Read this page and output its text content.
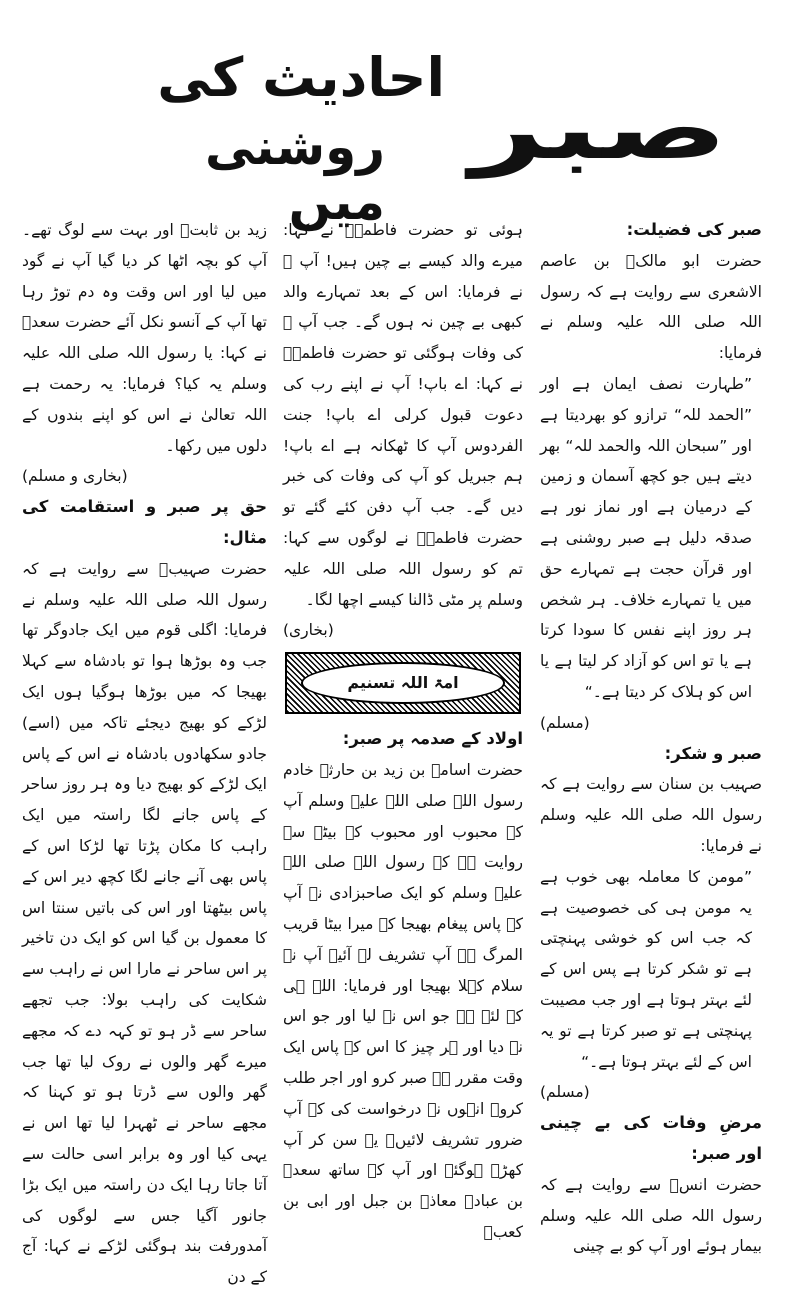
صبر
احادیث کی
روشنی میں	صبر کی فضیلت:

حضرت ابو مالکؓ بن عاصم الاشعری سے روایت ہے کہ رسول اللہ صلی اللہ علیہ وسلم نے فرمایا:

”طہارت نصف ایمان ہے اور ”الحمد للہ“ ترازو کو بھردیتا ہے اور ”سبحان اللہ والحمد للہ“ بھر دیتے ہیں جو کچھ آسمان و زمین کے درمیان ہے اور نماز نور ہے صدقہ دلیل ہے صبر روشنی ہے اور قرآن حجت ہے تمہارے حق میں یا تمہارے خلاف۔ ہر شخص ہر روز اپنے نفس کا سودا کرتا ہے یا تو اس کو آزاد کر لیتا ہے یا اس کو ہلاک کر دیتا ہے۔“

(مسلم)

صبر و شکر:

صہیب بن سنان سے روایت ہے کہ رسول اللہ صلی اللہ علیہ وسلم نے فرمایا:

”مومن کا معاملہ بھی خوب ہے یہ مومن ہی کی خصوصیت ہے کہ جب اس کو خوشی پہنچتی ہے تو شکر کرتا ہے پس اس کے لئے بہتر ہوتا ہے اور جب مصیبت پہنچتی ہے تو صبر کرتا ہے تو یہ اس کے لئے بہتر ہوتا ہے۔“

(مسلم)

مرضِ وفات کی بے چینی اور صبر:

حضرت انسؓ سے روایت ہے کہ رسول اللہ صلی اللہ علیہ وسلم بیمار ہوئے اور آپ کو بے چینی

ہوئی تو حضرت فاطمہؓ نے کہا: میرے والد کیسے بے چین ہیں! آپ ﷺ نے فرمایا: اس کے بعد تمہارے والد کبھی بے چین نہ ہوں گے۔ جب آپ ﷺ کی وفات ہوگئی تو حضرت فاطمہؓ نے کہا: اے باپ! آپ نے اپنے رب کی دعوت قبول کرلی اے باپ! جنت الفردوس آپ کا ٹھکانہ ہے اے باپ! ہم جبریل کو آپ کی وفات کی خبر دیں گے۔ جب آپ دفن کئے گئے تو حضرت فاطمہؓ نے لوگوں سے کہا: تم کو رسول اللہ صلی اللہ علیہ وسلم پر مٹی ڈالنا کیسے اچھا لگا۔

(بخاری)

امۃ اللہ تسنیم

اولاد کے صدمہ پر صبر:

حضرت اسامہ بن زید بن حارثہ خادم رسول اللہ صلی اللہ علیہ وسلم آپ کے محبوب اور محبوب کے بیٹے سے روایت ہے کہ رسول اللہ صلی اللہ علیہ وسلم کو ایک صاحبزادی نے آپ کے پاس پیغام بھیجا کہ میرا بیٹا قریب المرگ ہے آپ تشریف لے آئیے آپ نے سلام کہلا بھیجا اور فرمایا: اللہ ہی کے لئے ہے جو اس نے لیا اور جو اس نے دیا اور ہر چیز کا اس کے پاس ایک وقت مقرر ہے صبر کرو اور اجر طلب کرو۔ انہوں نے درخواست کی کہ آپ ضرور تشریف لائیں۔ یہ سن کر آپ کھڑے ہوگئے اور آپ کے ساتھ سعدؓ بن عبادہ معاذؓ بن جبل اور ابی بن کعبؓ

زید بن ثابتؓ اور بہت سے لوگ تھے۔ آپ کو بچہ اٹھا کر دیا گیا آپ نے گود میں لیا اور اس وقت وہ دم توڑ رہا تھا آپ کے آنسو نکل آئے حضرت سعدؓ نے کہا: یا رسول اللہ صلی اللہ علیہ وسلم یہ کیا؟ فرمایا: یہ رحمت ہے اللہ تعالیٰ نے اس کو اپنے بندوں کے دلوں میں رکھا۔

(بخاری و مسلم)

حق پر صبر و استقامت کی مثال:

حضرت صہیبؓ سے روایت ہے کہ رسول اللہ صلی اللہ علیہ وسلم نے فرمایا: اگلی قوم میں ایک جادوگر تھا جب وہ بوڑھا ہوا تو بادشاہ سے کہلا بھیجا کہ میں بوڑھا ہوگیا ہوں ایک لڑکے کو بھیج دیجئے تاکہ میں (اسے) جادو سکھادوں بادشاہ نے اس کے پاس ایک لڑکے کو بھیج دیا وہ ہر روز ساحر کے پاس جانے لگا راستہ میں ایک راہب کا مکان پڑتا تھا لڑکا اس کے پاس بھی آنے جانے لگا کچھ دیر اس کے پاس بیٹھتا اور اس کی باتیں سنتا اس کا معمول بن گیا اس کو ایک دن تاخیر پر اس ساحر نے مارا اس نے راہب سے شکایت کی راہب بولا: جب تجھے ساحر سے ڈر ہو تو کہہ دے کہ مجھے میرے گھر والوں نے روک لیا تھا جب گھر والوں سے ڈرتا ہو تو کہنا کہ مجھے ساحر نے ٹھہرا لیا تھا اس نے یہی کیا اور وہ برابر اسی حالت سے آتا جاتا رہا ایک دن راستہ میں ایک بڑا جانور آگیا جس سے لوگوں کی آمدورفت بند ہوگئی لڑکے نے کہا: آج کے دن
